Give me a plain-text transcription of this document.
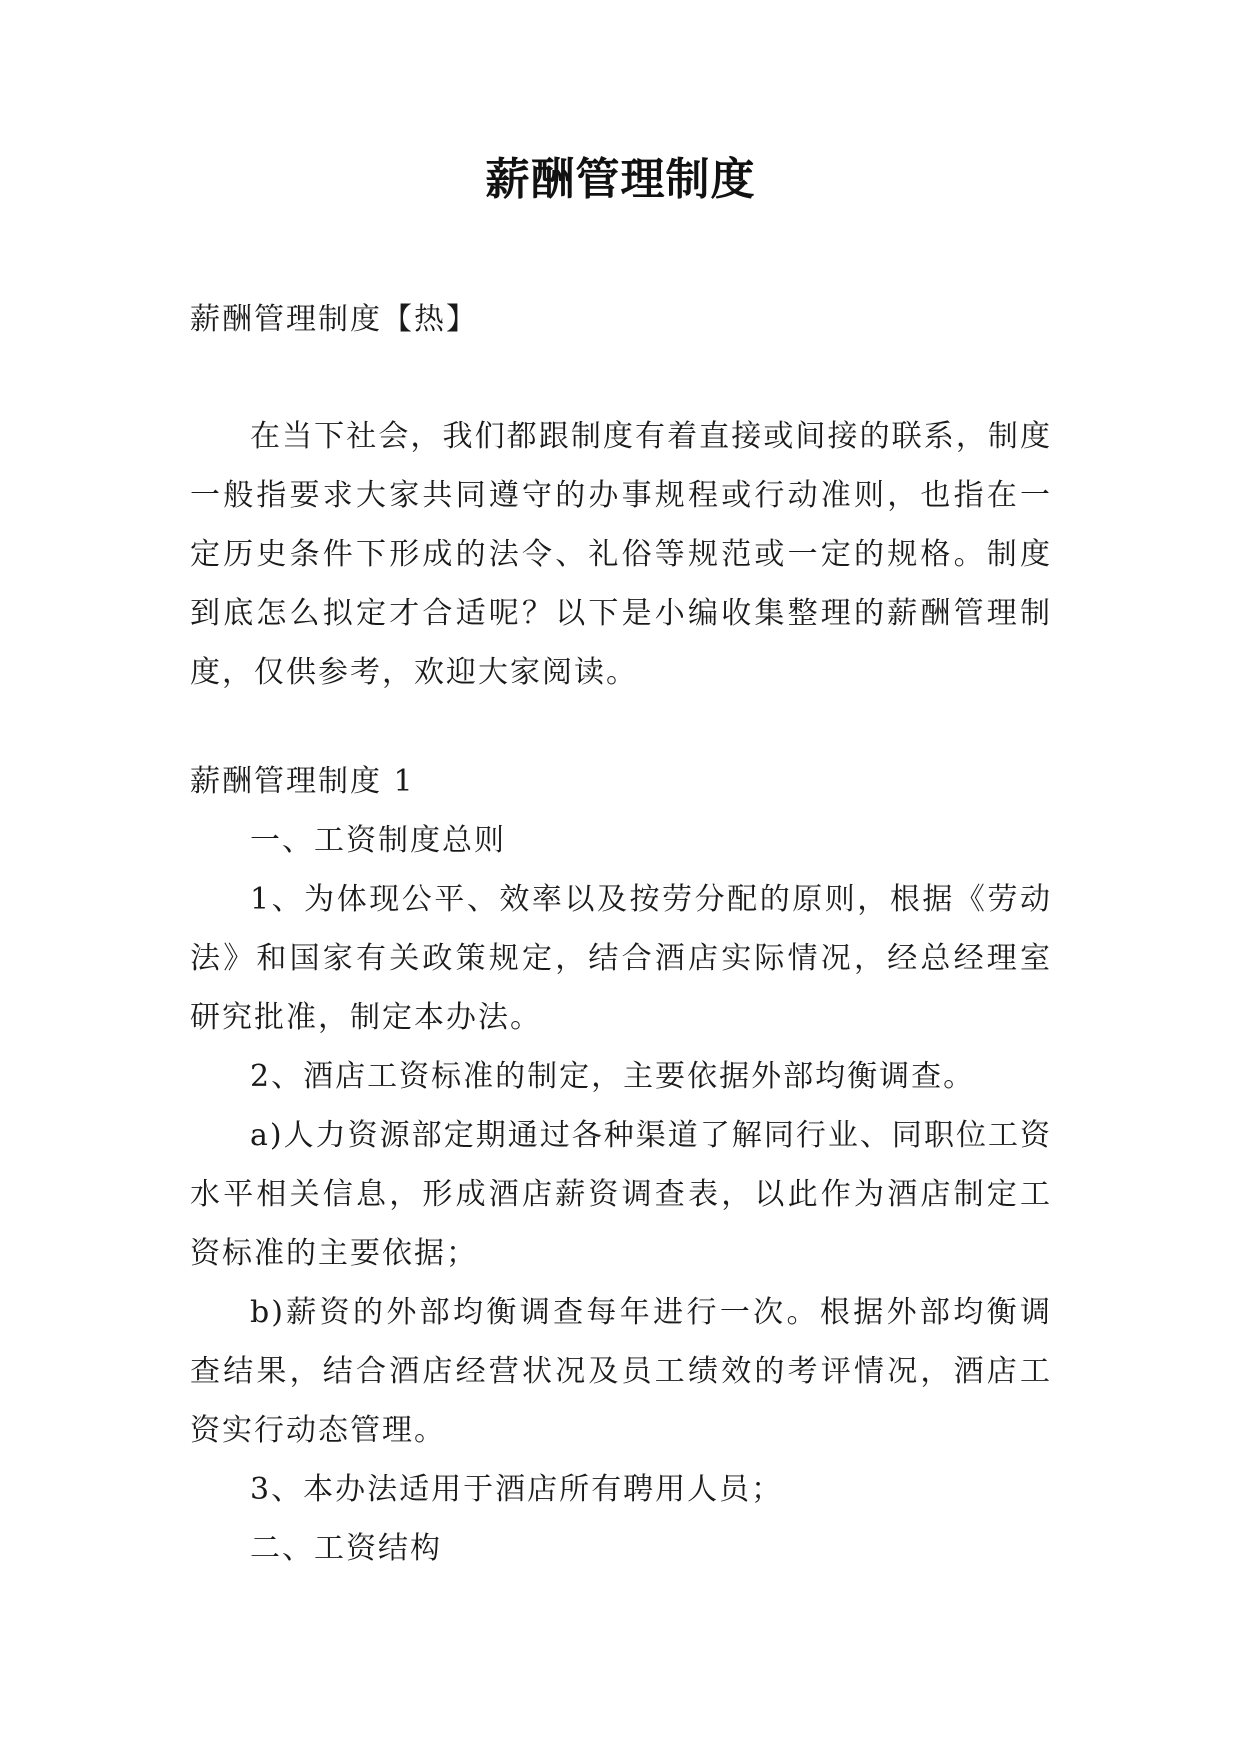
薪酬管理制度

薪酬管理制度【热】

在当下社会，我们都跟制度有着直接或间接的联系，制度一般指要求大家共同遵守的办事规程或行动准则，也指在一定历史条件下形成的法令、礼俗等规范或一定的规格。制度到底怎么拟定才合适呢？以下是小编收集整理的薪酬管理制度，仅供参考，欢迎大家阅读。

薪酬管理制度 1

一、工资制度总则

1、为体现公平、效率以及按劳分配的原则，根据《劳动法》和国家有关政策规定，结合酒店实际情况，经总经理室研究批准，制定本办法。

2、酒店工资标准的制定，主要依据外部均衡调查。

a)人力资源部定期通过各种渠道了解同行业、同职位工资水平相关信息，形成酒店薪资调查表，以此作为酒店制定工资标准的主要依据；

b)薪资的外部均衡调查每年进行一次。根据外部均衡调查结果，结合酒店经营状况及员工绩效的考评情况，酒店工资实行动态管理。

3、本办法适用于酒店所有聘用人员；

二、工资结构
